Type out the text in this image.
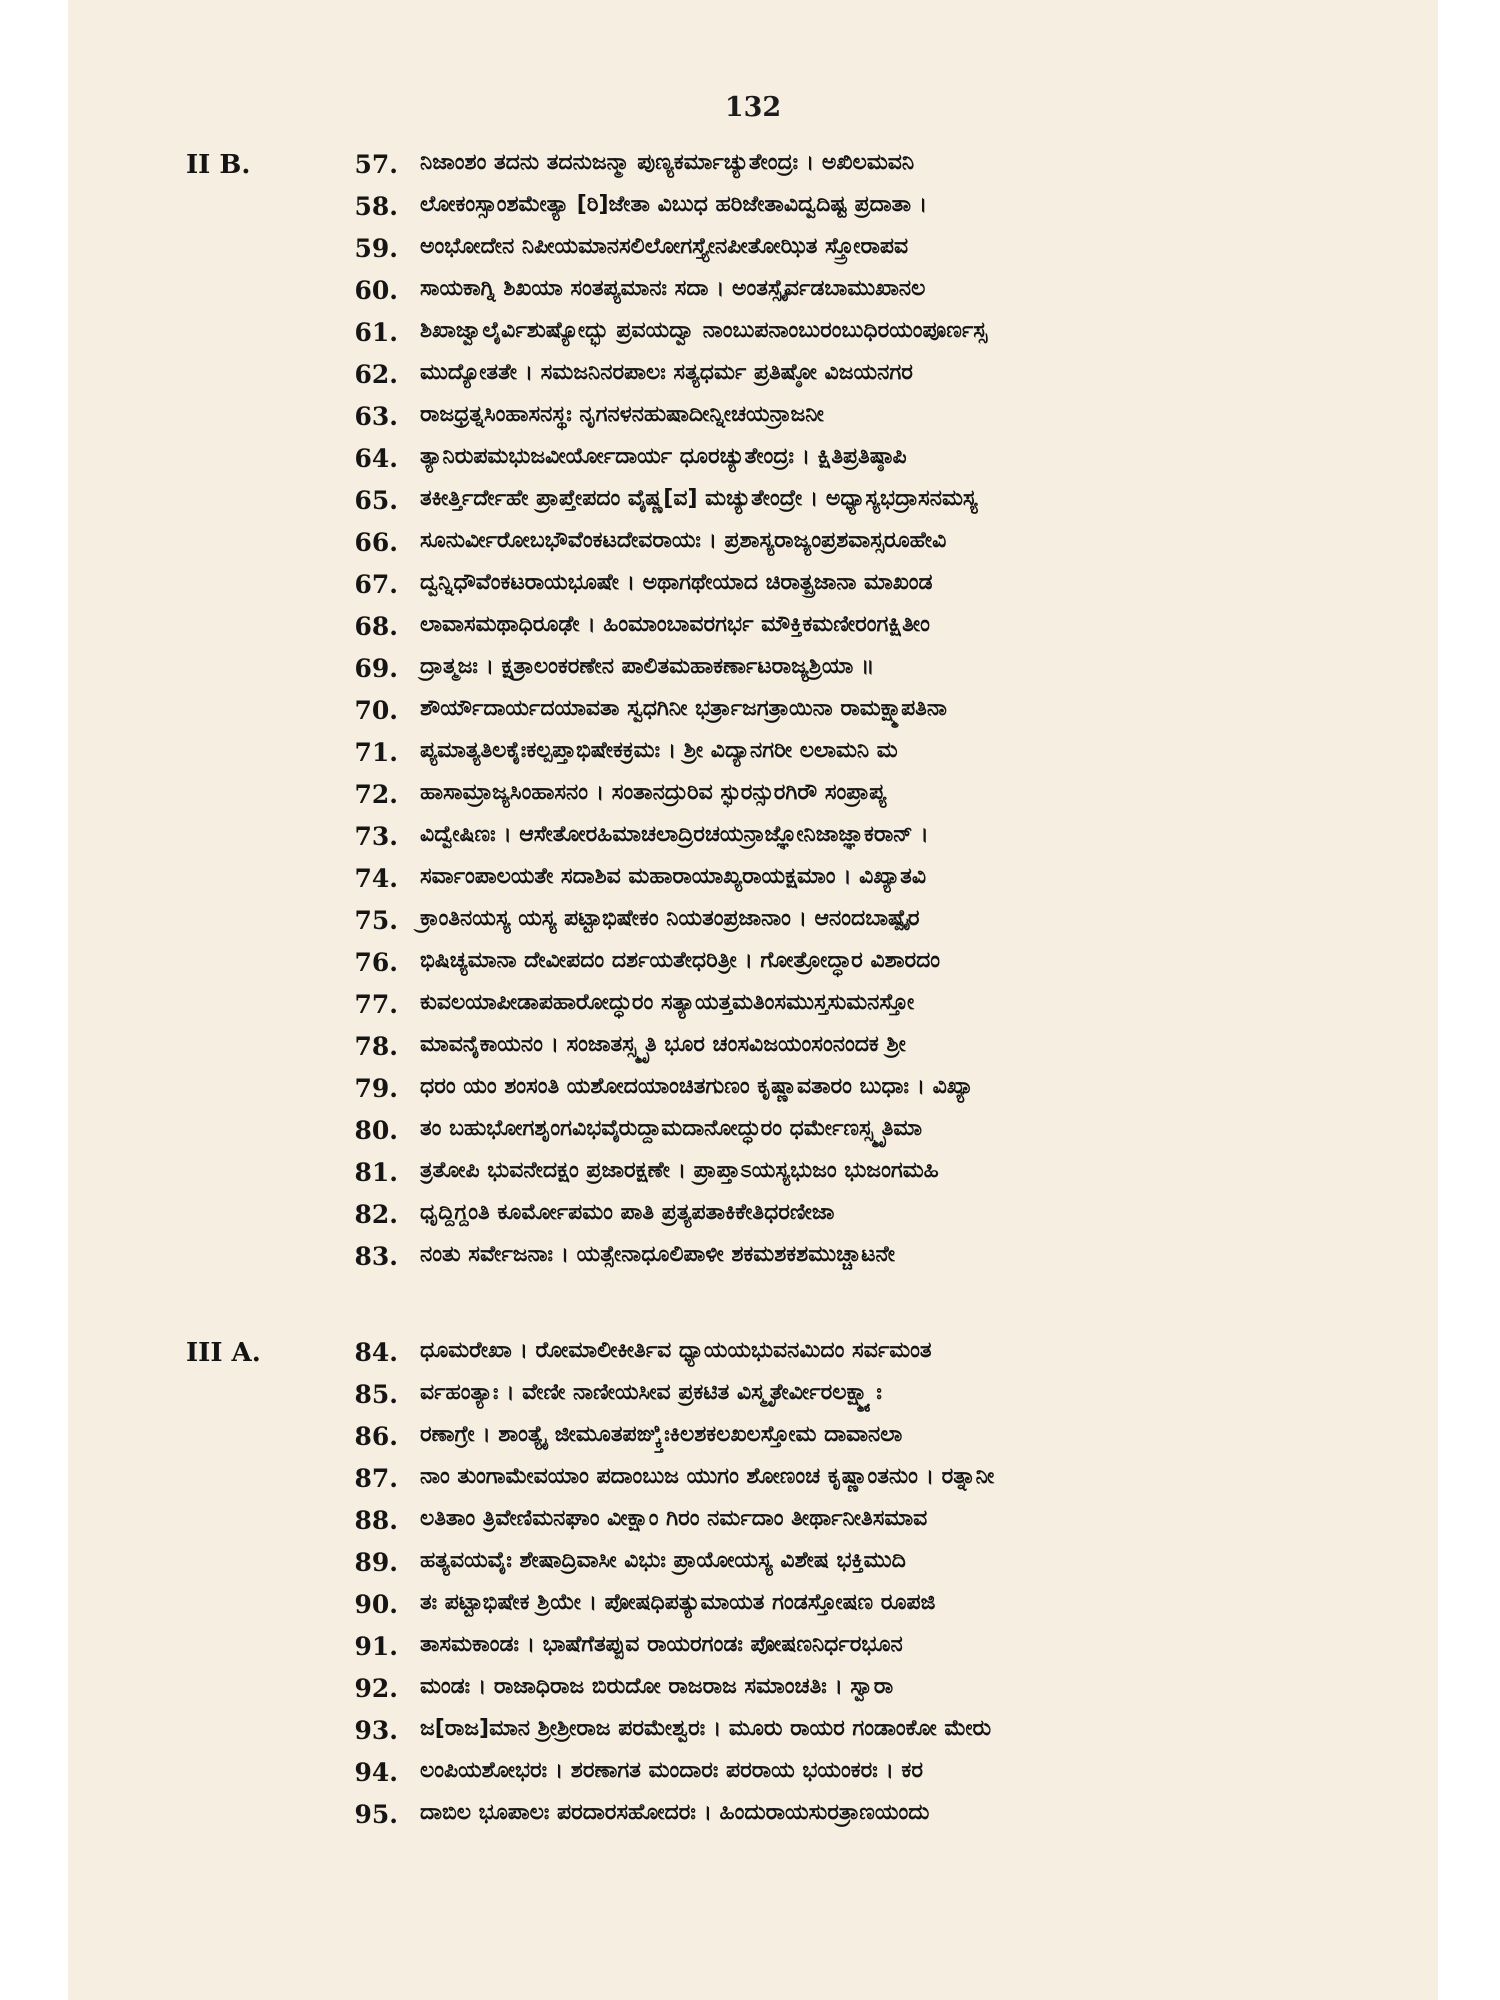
132
II B.	57. ನಿಜಾಂಶಂ ತದನು ತದನುಜನ್ಮಾ ಪುಣ್ಯಕರ್ಮಾಚ್ಯುತೇಂದ್ರಃ । ಅಖಿಲಮವನಿ
58. ಲೋಕಂಸ್ಸಾಂಶಮೇತ್ಯಾ [ರಿ]ಜೇತಾ ವಿಬುಧ ಹರಿಜೇತಾವಿದ್ವದಿಷ್ಟ ಪ್ರದಾತಾ ।
59. ಅಂಭೋದೇನ ನಿಪೀಯಮಾನಸಲಿಲೋಗಸ್ತ್ಯೇನಪೀತೋಝಿತ ಸ್ತ್ರೋರಾಪವ
60. ಸಾಯಕಾಗ್ನಿ ಶಿಖಯಾ ಸಂತಪ್ಯಮಾನಃ ಸದಾ । ಅಂತಸ್ಸೈರ್ವಡಬಾಮುಖಾನಲ
61. ಶಿಖಾಜ್ವಾಲೈರ್ವಿಶುಷ್ಯೋದ್ಭು ಪ್ರವಯದ್ವಾ ನಾಂಬುಪನಾಂಬುರಂಬುಧಿರಯಂಪೂರ್ಣಸ್ಸ
62. ಮುದ್ಯೋತತೇ । ಸಮಜನಿನರಪಾಲಃ ಸತ್ಯಧರ್ಮ ಪ್ರತಿಷ್ಠೋ ವಿಜಯನಗರ
63. ರಾಜಧ್ರತ್ನಸಿಂಹಾಸನಸ್ಥಃ ನೃಗನಳನಹುಷಾದೀನ್ನೀಚಯನ್ರಾಜನೀ
64. ತ್ಯಾನಿರುಪಮಭುಜವೀರ್ಯೋದಾರ್ಯ ಧೂರಚ್ಯುತೇಂದ್ರಃ । ಕ್ಷಿತಿಪ್ರತಿಷ್ಠಾಪಿ
65. ತಕೀರ್ತ್ತಿರ್ದೇಹೇ ಪ್ರಾಪ್ತೇಪದಂ ವೈಷ್ಣ[ವ] ಮಚ್ಯುತೇಂದ್ರೇ । ಅಧ್ಯಾಸ್ಯಭದ್ರಾಸನಮಸ್ಯ
66. ಸೂನುರ್ವೀರೋಬಭೌವೆಂಕಟದೇವರಾಯಃ । ಪ್ರಶಾಸ್ಯರಾಜ್ಯಂಪ್ರಶವಾಸ್ಸರೂಹೇವಿ
67. ದ್ವನ್ನಿಧೌವೆಂಕಟರಾಯಭೂಷೇ । ಅಥಾಗಥೇಯಾದ ಚಿರಾತ್ಪ್ರಜಾನಾ ಮಾಖಂಡ
68. ಲಾವಾಸಮಥಾಧಿರೂಢೇ । ಹಿಂಮಾಂಬಾವರಗರ್ಭ ಮೌಕ್ತಿಕಮಣೀರಂಗಕ್ಷಿತೀಂ
69. ದ್ರಾತ್ಮಜಃ । ಕ್ಷತ್ರಾಲಂಕರಣೇನ ಪಾಲಿತಮಹಾಕರ್ಣಾಟರಾಜ್ಯಶ್ರಿಯಾ ॥
70. ಶೌರ್ಯೌದಾರ್ಯದಯಾವತಾ ಸ್ವಧಗಿನೀ ಭರ್ತ್ರಾಜಗತ್ರಾಯಿನಾ ರಾಮಕ್ಷ್ಮಾಪತಿನಾ
71. ಪ್ಯಮಾತ್ಯತಿಲಕೈಃಕಲ್ಪಪ್ತಾಭಿಷೇಕಕ್ರಮಃ । ಶ್ರೀ ವಿದ್ಯಾನಗರೀ ಲಲಾಮನಿ ಮ
72. ಹಾಸಾಮ್ರಾಜ್ಯಸಿಂಹಾಸನಂ । ಸಂತಾನದ್ರುರಿವ ಸ್ಫುರನ್ಸುರಗಿರೌ ಸಂಪ್ರಾಪ್ಯ
73. ವಿದ್ವೇಷಿಣಃ । ಆಸೇತೋರಹಿಮಾಚಲಾದ್ರಿರಚಯನ್ರಾಜ್ಞೋನಿಜಾಜ್ಞಾಕರಾನ್ ।
74. ಸರ್ವಾಂಪಾಲಯತೇ ಸದಾಶಿವ ಮಹಾರಾಯಾಖ್ಯರಾಯಕ್ಷಮಾಂ । ವಿಖ್ಯಾತವಿ
75. ಕ್ರಾಂತಿನಯಸ್ಯ ಯಸ್ಯ ಪಟ್ಟಾಭಿಷೇಕಂ ನಿಯತಂಪ್ರಜಾನಾಂ । ಆನಂದಬಾಷ್ಪೈರ
76. ಭಿಷಿಚ್ಯಮಾನಾ ದೇವೀಪದಂ ದರ್ಶಯತೇಧರಿತ್ರೀ । ಗೋತ್ರೋದ್ಧಾರ ವಿಶಾರದಂ
77. ಕುವಲಯಾಪೀಡಾಪಹಾರೋದ್ಧುರಂ ಸತ್ಯಾಯತ್ತಮತಿಂಸಮುಸ್ತಸುಮನಸ್ತೋ
78. ಮಾವನೈಕಾಯನಂ । ಸಂಜಾತಸ್ಸ್ಮೃತಿ ಭೂರ ಚಂಸವಿಜಯಂಸಂನಂದಕ ಶ್ರೀ
79. ಧರಂ ಯಂ ಶಂಸಂತಿ ಯಶೋದಯಾಂಚಿತಗುಣಂ ಕೃಷ್ಣಾವತಾರಂ ಬುಧಾಃ । ವಿಖ್ಯಾ
80. ತಂ ಬಹುಭೋಗಶೃಂಗವಿಭವೈರುದ್ದಾಮದಾನೋದ್ಧುರಂ ಧರ್ಮೇಣಸ್ಸ್ಮೃತಿಮಾ
81. ತ್ರತೋಪಿ ಭುವನೇದಕ್ಷಂ ಪ್ರಜಾರಕ್ಷಣೇ । ಪ್ರಾಪ್ತಾಽಯಸ್ಯಭುಜಂ ಭುಜಂಗಮಹಿ
82. ಧೃದ್ದಿಗ್ದಂತಿ ಕೂರ್ಮೋಪಮಂ ಪಾತಿ ಪ್ರತ್ಯಪತಾಕಿಕೇತಿಧರಣೀಜಾ
83. ನಂತು ಸರ್ವೇಜನಾಃ । ಯತ್ಸೇನಾಧೂಲಿಪಾಳೀ ಶಕಮಶಕಶಮುಚ್ಚಾಟನೇ
III A.	84. ಧೂಮರೇಖಾ । ರೋಮಾಲೀಕೀರ್ತಿವ ಧ್ಯಾಯಯಭುವನಮಿದಂ ಸರ್ವಮಂತ
85. ರ್ವಹಂತ್ಯಾಃ । ವೇಣೀ ನಾಣೀಯಸೀವ ಪ್ರಕಟಿತ ವಿಸ್ಮೃತೇರ್ವೀರಲಕ್ಷ್ಮ್ಯಾಃ
86. ರಣಾಗ್ರೇ । ಶಾಂತ್ಯೈ ಜೀಮೂತಪಙ್ಕ್ತಿಃಕಿಲಶಕಲಖಲಸ್ತೋಮ ದಾವಾನಲಾ
87. ನಾಂ ತುಂಗಾಮೇವಯಾಂ ಪದಾಂಬುಜ ಯುಗಂ ಶೋಣಂಚ ಕೃಷ್ಣಾಂತನುಂ । ರತ್ನಾನೀ
88. ಲತಿತಾಂ ತ್ರಿವೇಣಿಮನಘಾಂ ವೀಕ್ಷಾಂ ಗಿರಂ ನರ್ಮದಾಂ ತೀರ್ಥಾನೀತಿಸಮಾವ
89. ಹತ್ಯವಯವೈಃ ಶೇಷಾದ್ರಿವಾಸೀ ವಿಭುಃ ಪ್ರಾಯೋಯಸ್ಯ ವಿಶೇಷ ಭಕ್ತಿಮುದಿ
90. ತಃ ಪಟ್ಟಾಭಿಷೇಕ ಶ್ರಿಯೇ । ಪೋಷಧಿಪತ್ಯುಮಾಯತ ಗಂಡಸ್ತೋಷಣ ರೂಪಜಿ
91. ತಾಸಮಕಾಂಡಃ । ಭಾಷೆಗೆತಪ್ಪುವ ರಾಯರಗಂಡಃ ಪೋಷಣನಿರ್ಧರಭೂನ
92. ಮಂಡಃ । ರಾಜಾಧಿರಾಜ ಬಿರುದೋ ರಾಜರಾಜ ಸಮಾಂಚತಿಃ । ಸ್ವಾರಾ
93. ಜ[ರಾಜ]ಮಾನ ಶ್ರೀಶ್ರೀರಾಜ ಪರಮೇಶ್ವರಃ । ಮೂರು ರಾಯರ ಗಂಡಾಂಕೋ ಮೇರು
94. ಲಂಪಿಯಶೋಭರಃ । ಶರಣಾಗತ ಮಂದಾರಃ ಪರರಾಯ ಭಯಂಕರಃ । ಕರ
95. ದಾಬಿಲ ಭೂಪಾಲಃ ಪರದಾರಸಹೋದರಃ । ಹಿಂದುರಾಯಸುರತ್ರಾಣಯಂದು
